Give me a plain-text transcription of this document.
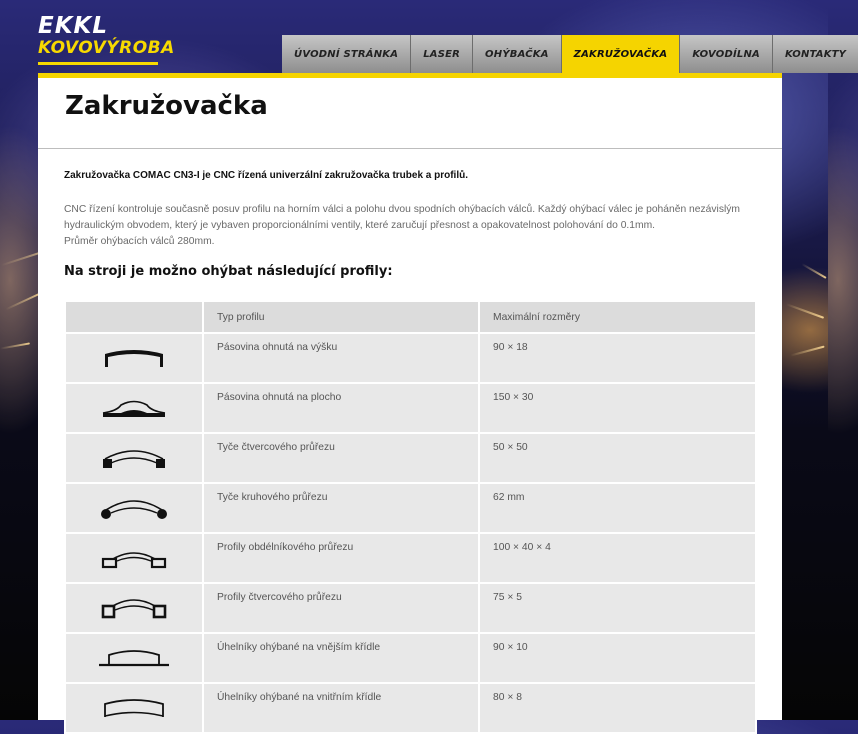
EKKL
KOVOVÝROBA	ÚVODNÍ STRÁNKA	LASER	OHÝBAČKA	ZAKRUŽOVAČKA	KOVODÍLNA	KONTAKTY
Zakružovačka

Zakružovačka COMAC CN3-I je CNC řízená univerzální zakružovačka trubek a profilů.

CNC řízení kontroluje současně posuv profilu na horním válci a polohu dvou spodních ohýbacích válců. Každý ohýbací válec je poháněn nezávislým
hydraulickým obvodem, který je vybaven proporcionálními ventily, které zaručují přesnost a opakovatelnost polohování do 0.1mm.
Průměr ohýbacích válců 280mm.
Na stroji je možno ohýbat následující profily:
	Typ profilu	Maximální rozměry

	Pásovina ohnutá na výšku	90 × 18

	Pásovina ohnutá na plocho	150 × 30

	Tyče čtvercového průřezu	50 × 50

	Tyče kruhového průřezu	62 mm

	Profily obdélníkového průřezu	100 × 40 × 4

	Profily čtvercového průřezu	75 × 5

	Úhelníky ohýbané na vnějším křídle	90 × 10

	Úhelníky ohýbané na vnitřním křídle	80 × 8
